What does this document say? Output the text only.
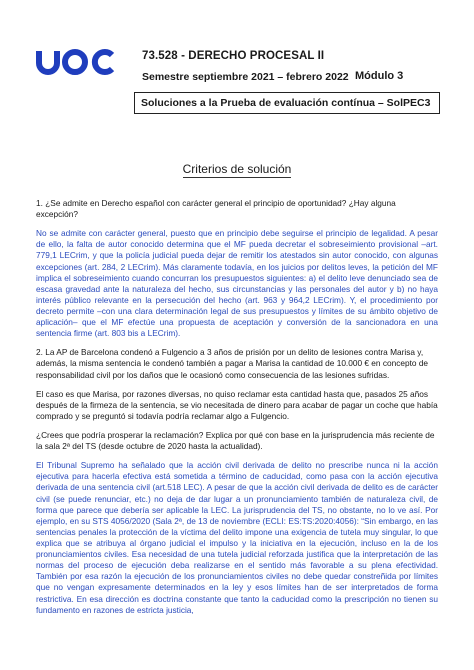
73.528 - DERECHO PROCESAL II
Semestre septiembre 2021 – febrero 2022 Módulo 3
Soluciones a la Prueba de evaluación contínua – SolPEC3
Criterios de solución

1. ¿Se admite en Derecho español con carácter general el principio de oportunidad? ¿Hay alguna excepción?

No se admite con carácter general, puesto que en principio debe seguirse el principio de legalidad. A pesar de ello, la falta de autor conocido determina que el MF pueda decretar el sobreseimiento provisional –art. 779,1 LECrim, y que la policía judicial pueda dejar de remitir los atestados sin autor conocido, con algunas excepciones (art. 284, 2 LECrim). Más claramente todavía, en los juicios por delitos leves, la petición del MF implica el sobreseimiento cuando concurran los presupuestos siguientes: a) el delito leve denunciado sea de escasa gravedad ante la naturaleza del hecho, sus circunstancias y las personales del autor y b) no haya interés público relevante en la persecución del hecho (art. 963 y 964,2 LECrim). Y, el procedimiento por decreto permite –con una clara determinación legal de sus presupuestos y límites de su ámbito objetivo de aplicación– que el MF efectúe una propuesta de aceptación y conversión de la sancionadora en una sentencia firme (art. 803 bis a LECrim).

2. La AP de Barcelona condenó a Fulgencio a 3 años de prisión por un delito de lesiones contra Marisa y, además, la misma sentencia le condenó también a pagar a Marisa la cantidad de 10.000 € en concepto de responsabilidad civil por los daños que le ocasionó como consecuencia de las lesiones sufridas.

El caso es que Marisa, por razones diversas, no quiso reclamar esta cantidad hasta que, pasados 25 años después de la firmeza de la sentencia, se vio necesitada de dinero para acabar de pagar un coche que había comprado y se preguntó si todavía podría reclamar algo a Fulgencio.

¿Crees que podría prosperar la reclamación? Explica por qué con base en la jurisprudencia más reciente de la sala 2ª del TS (desde octubre de 2020 hasta la actualidad).

El Tribunal Supremo ha señalado que la acción civil derivada de delito no prescribe nunca ni la acción ejecutiva para hacerla efectiva está sometida a término de caducidad, como pasa con la acción ejecutiva derivada de una sentencia civil (art.518 LEC). A pesar de que la acción civil derivada de delito es de carácter civil (se puede renunciar, etc.) no deja de dar lugar a un pronunciamiento también de naturaleza civil, de forma que parece que debería ser aplicable la LEC. La jurisprudencia del TS, no obstante, no lo ve así. Por ejemplo, en su STS 4056/2020 (Sala 2ª, de 13 de noviembre (ECLI: ES:TS:2020:4056): “Sin embargo, en las sentencias penales la protección de la víctima del delito impone una exigencia de tutela muy singular, lo que explica que se atribuya al órgano judicial el impulso y la iniciativa en la ejecución, incluso en la de los pronunciamientos civiles. Esa necesidad de una tutela judicial reforzada justifica que la interpretación de las normas del proceso de ejecución deba realizarse en el sentido más favorable a su plena efectividad. También por esa razón la ejecución de los pronunciamientos civiles no debe quedar constreñida por límites que no vengan expresamente determinados en la ley y esos límites han de ser interpretados de forma restrictiva. En esa dirección es doctrina constante que tanto la caducidad como la prescripción no tienen su fundamento en razones de estricta justicia,
